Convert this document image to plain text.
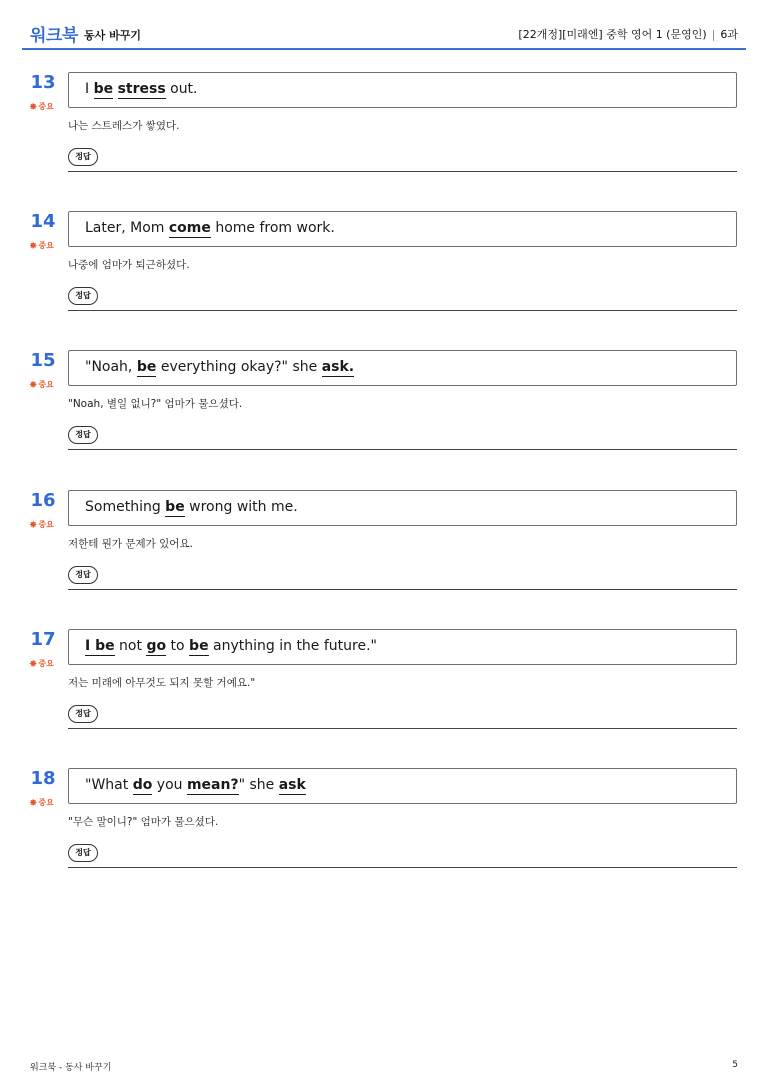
워크북 동사 바꾸기	[22개정][미래엔] 중학 영어 1 (문영인) | 6과
13
✸중요
I be stress out.
나는 스트레스가 쌓였다.
정답
14
✸중요
Later, Mom come home from work.
나중에 엄마가 퇴근하셨다.
정답
15
✸중요
"Noah, be everything okay?" she ask.
"Noah, 별일 없니?" 엄마가 물으셨다.
정답
16
✸중요
Something be wrong with me.
저한테 뭔가 문제가 있어요.
정답
17
✸중요
I be not go to be anything in the future."
저는 미래에 아무것도 되지 못할 거예요."
정답
18
✸중요
"What do you mean?" she ask
"무슨 말이니?" 엄마가 물으셨다.
정답
워크북 - 동사 바꾸기	5
